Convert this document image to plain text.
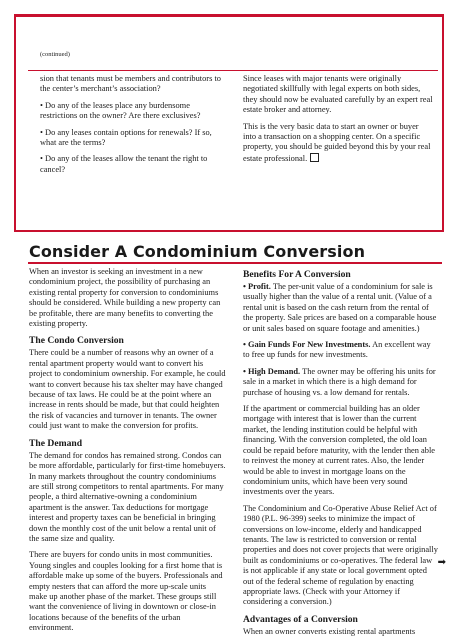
(continued)

sion that tenants must be members and contributors to the center’s merchant’s association?

• Do any of the leases place any burdensome restrictions on the owner? Are there exclusives?

• Do any leases contain options for renewals? If so, what are the terms?

• Do any of the leases allow the tenant the right to cancel?

Since leases with major tenants were originally negotiated skillfully with legal experts on both sides, they should now be evaluated carefully by an expert real estate broker and attorney.

This is the very basic data to start an owner or buyer into a transaction on a shopping center. On a specific property, you should be guided beyond this by your real estate professional.

Consider A Condominium Conversion

When an investor is seeking an investment in a new condominium project, the possibility of purchasing an existing rental property for conversion to condominiums should be considered. While building a new property can be profitable, there are many benefits to converting the existing property.

The Condo Conversion

There could be a number of reasons why an owner of a rental apartment property would want to convert his project to condominium ownership. For example, he could want to convert because his tax shelter may have changed because of tax laws. He could be at the point where an increase in rents should be made, but that could heighten the risk of vacancies and turnover in tenants. The owner could just want to make the conversion for profits.

The Demand

The demand for condos has remained strong. Condos can be more affordable, particularly for first-time homebuyers. In many markets throughout the country condominiums are still strong competitors to rental apartments. For many people, a third alternative-owning a condominium apartment is the answer. Tax deductions for mortgage interest and property taxes can be beneficial in bringing down the monthly cost of the unit below a rental unit of the same size and quality.

There are buyers for condo units in most communities. Young singles and couples looking for a first home that is affordable make up some of the buyers. Professionals and empty nesters that can afford the more up-scale units make up another phase of the market. These groups still want the convenience of living in downtown or close-in locations because of the benefits of the urban environment.

Benefits For A Conversion

• Profit. The per-unit value of a condominium for sale is usually higher than the value of a rental unit. (Value of a rental unit is based on the cash return from the rental of the property. Sale prices are based on a comparable house or unit sales based on square footage and amenities.)

• Gain Funds For New Investments. An excellent way to free up funds for new investments.

• High Demand. The owner may be offering his units for sale in a market in which there is a high demand for purchase of housing vs. a low demand for rentals.

If the apartment or commercial building has an older mortgage with interest that is lower than the current market, the lending institution could be helpful with financing. With the conversion completed, the old loan could be repaid before maturity, with the lender then able to reinvest the money at current rates. Also, the lender would be able to invest in mortgage loans on the condominium units, which have been very sound investments over the years.

The Condominium and Co-Operative Abuse Relief Act of 1980 (P.L. 96-399) seeks to minimize the impact of conversions on low-income, elderly and handicapped tenants. The law is restricted to conversion or rental properties and does not cover projects that were originally built as condominiums or co-operatives. The federal law is not applicable if any state or local government opted out of the federal scheme of regulation by enacting appropriate laws. (Check with your Attorney if considering a conversion.)

Advantages of a Conversion

When an owner converts existing rental apartments

➡
